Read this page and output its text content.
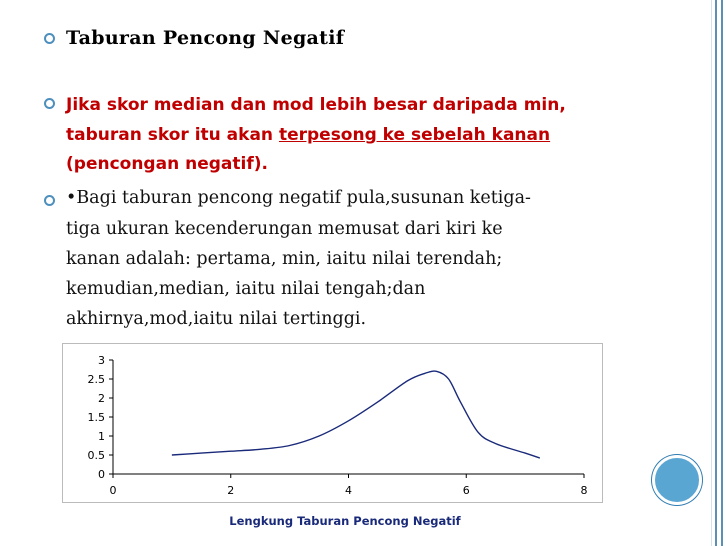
Taburan Pencong Negatif
Jika skor median dan mod lebih besar daripada min,
taburan skor itu akan terpesong ke sebelah kanan
(pencongan negatif).
•Bagi taburan pencong negatif pula,susunan ketiga-
tiga ukuran kecenderungan memusat dari kiri ke
kanan adalah: pertama, min, iaitu nilai terendah;
kemudian,median, iaitu nilai tengah;dan
akhirnya,mod,iaitu nilai tertinggi.
0
0.5
1
1.5
2
2.5
3
0	2	4	6	8
Lengkung Taburan Pencong Negatif
